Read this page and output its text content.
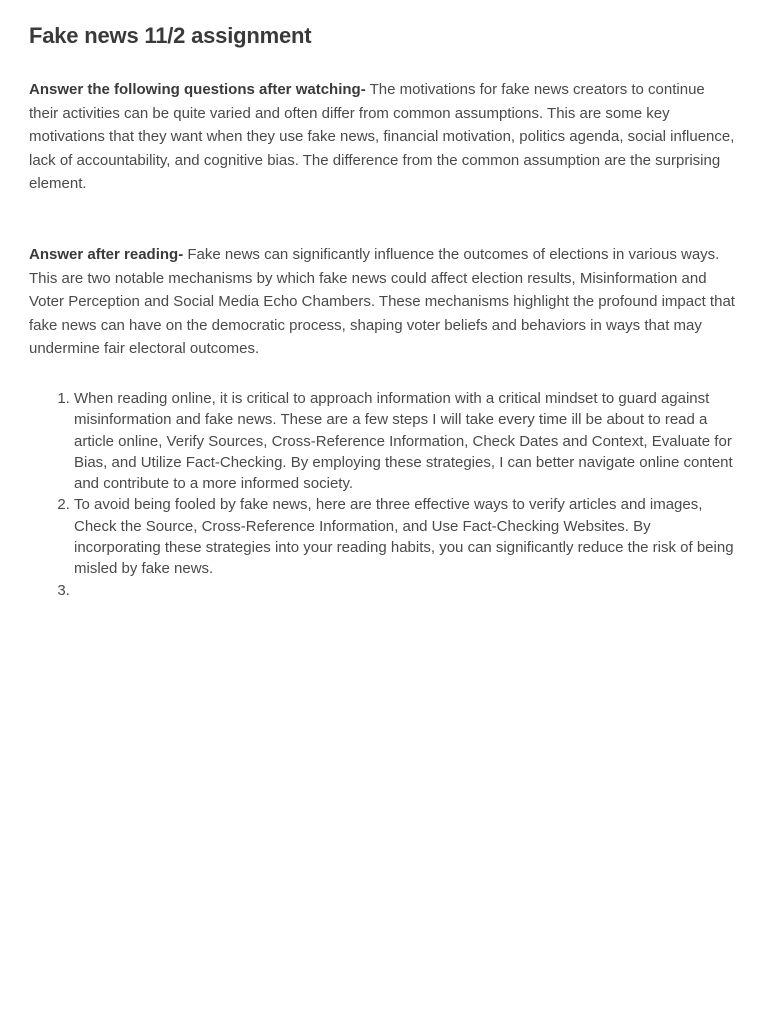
Fake news 11/2 assignment

Answer the following questions after watching- The motivations for fake news creators to continue their activities can be quite varied and often differ from common assumptions. This are some key motivations that they want when they use fake news, financial motivation, politics agenda, social influence, lack of accountability, and cognitive bias. The difference from the common assumption are the surprising element.

Answer after reading- Fake news can significantly influence the outcomes of elections in various ways. This are two notable mechanisms by which fake news could affect election results, Misinformation and Voter Perception and Social Media Echo Chambers. These mechanisms highlight the profound impact that fake news can have on the democratic process, shaping voter beliefs and behaviors in ways that may undermine fair electoral outcomes.

1. When reading online, it is critical to approach information with a critical mindset to guard against misinformation and fake news. These are a few steps I will take every time ill be about to read a article online, Verify Sources, Cross-Reference Information, Check Dates and Context, Evaluate for Bias, and Utilize Fact-Checking. By employing these strategies, I can better navigate online content and contribute to a more informed society.
2. To avoid being fooled by fake news, here are three effective ways to verify articles and images, Check the Source, Cross-Reference Information, and Use Fact-Checking Websites. By incorporating these strategies into your reading habits, you can significantly reduce the risk of being misled by fake news.
3.
